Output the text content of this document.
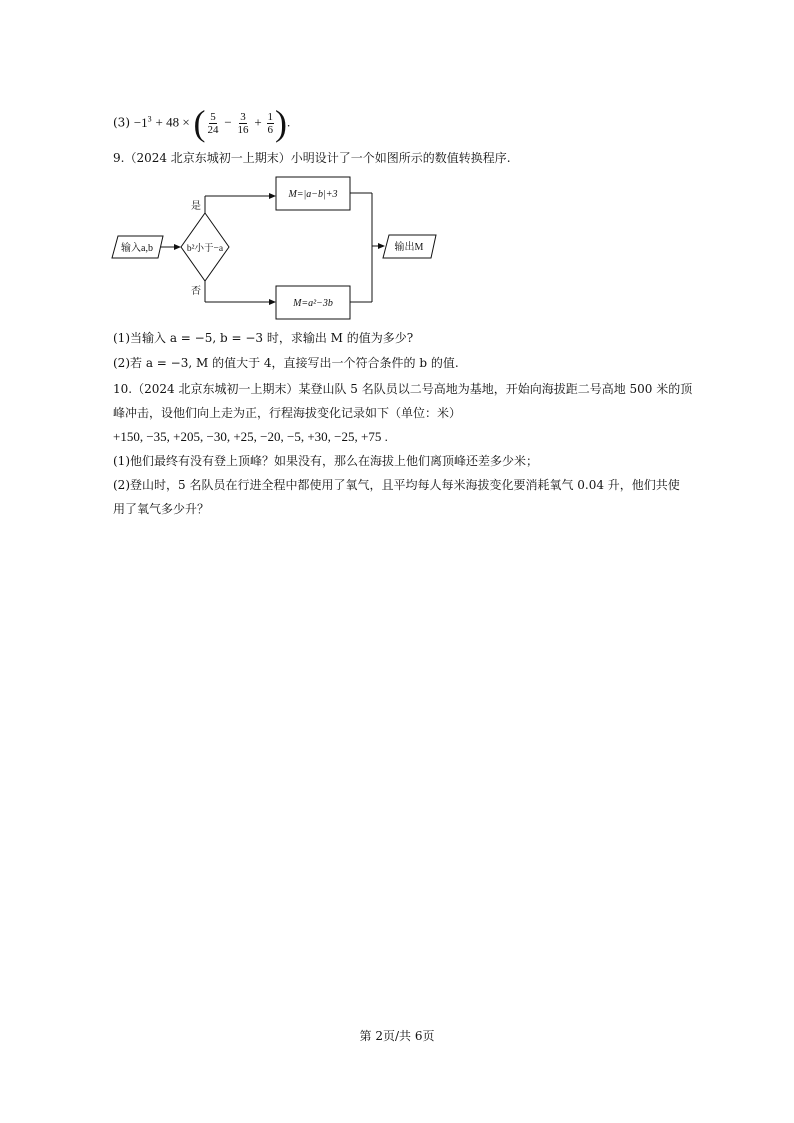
$(3) -1^3 + 48$ × ( $\frac{5}{24} - \frac{3}{16} + \frac{1}{6}$ ).
9.（2024 北京东城初一上期末）小明设计了一个如图所示的数值转换程序.
输入a,b	b²小于−a
是
否
M=|a−b|+3
M=a²−3b
输出M
(1)当输入 a = −5, b = −3 时，求输出 M 的值为多少?
(2)若 a = −3, M 的值大于 4，直接写出一个符合条件的 b 的值.
10.（2024 北京东城初一上期末）某登山队 5 名队员以二号高地为基地，开始向海拔距二号高地 500 米的顶
峰冲击，设他们向上走为正，行程海拔变化记录如下（单位：米）
+150, −35, +205, −30, +25, −20, −5, +30, −25, +75 .
(1)他们最终有没有登上顶峰？如果没有，那么在海拔上他们离顶峰还差多少米；
(2)登山时，5 名队员在行进全程中都使用了氧气，且平均每人每米海拔变化要消耗氧气 0.04 升，他们共使
用了氧气多少升？
第 2页/共 6页
